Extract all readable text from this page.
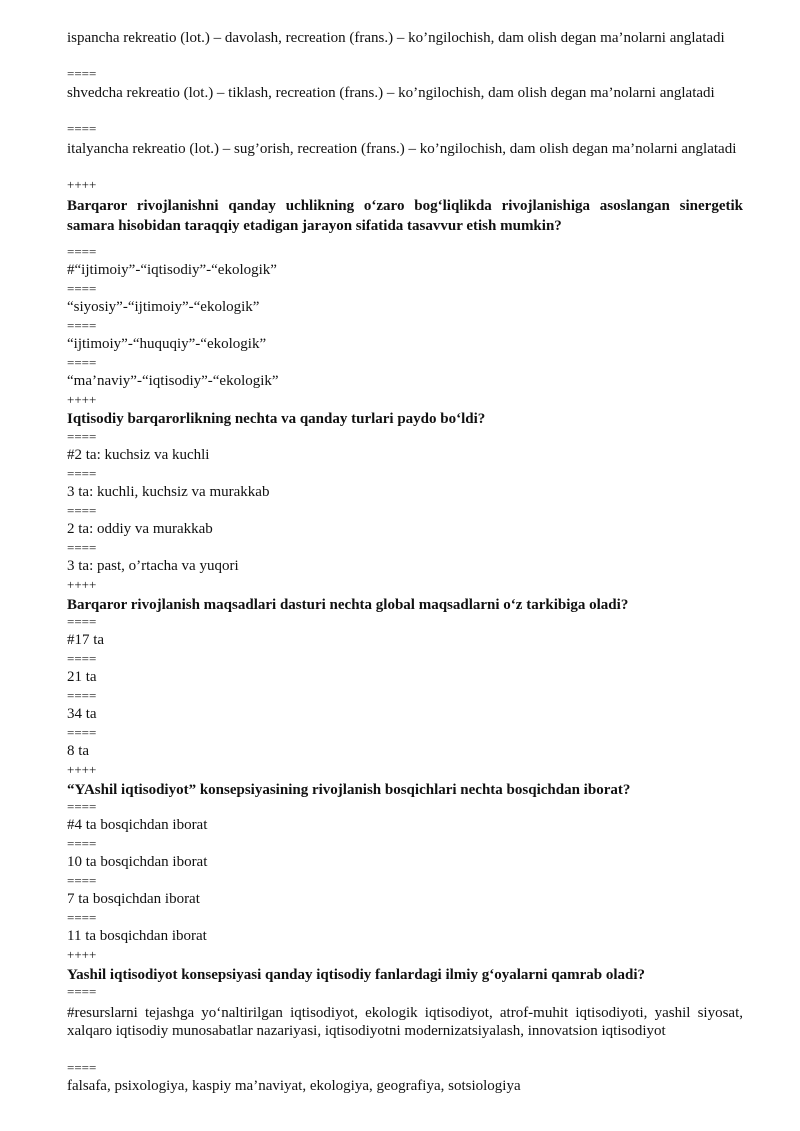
ispancha rekreatio (lot.) – davolash, recreation (frans.) – ko’ngilochish, dam olish degan ma’nolarni anglatadi
====
shvedcha rekreatio (lot.) – tiklash, recreation (frans.) – ko’ngilochish, dam olish degan ma’nolarni anglatadi
====
italyancha rekreatio (lot.) – sug’orish, recreation (frans.) – ko’ngilochish, dam olish degan ma’nolarni anglatadi
++++
Barqaror rivojlanishni qanday uchlikning o‘zaro bog‘liqlikda rivojlanishiga asoslangan sinergetik samara hisobidan taraqqiy etadigan jarayon sifatida tasavvur etish mumkin?
====
#“ijtimoiy”-“iqtisodiy”-“ekologik”
====
“siyosiy”-“ijtimoiy”-“ekologik”
====
“ijtimoiy”-“huquqiy”-“ekologik”
====
“ma’naviy”-“iqtisodiy”-“ekologik”
++++
Iqtisodiy barqarorlikning nechta va qanday turlari paydo bo‘ldi?
====
#2 ta: kuchsiz va kuchli
====
3 ta: kuchli, kuchsiz va murakkab
====
2 ta: oddiy va murakkab
====
3 ta: past, o’rtacha va yuqori
++++
Barqaror rivojlanish maqsadlari dasturi nechta global maqsadlarni o‘z tarkibiga oladi?
====
#17 ta
====
21 ta
====
34 ta
====
8 ta
++++
“YAshil iqtisodiyot” konsepsiyasining rivojlanish bosqichlari nechta bosqichdan iborat?
====
#4 ta bosqichdan iborat
====
10 ta bosqichdan iborat
====
7 ta bosqichdan iborat
====
11 ta bosqichdan iborat
++++
Yashil iqtisodiyot konsepsiyasi qanday iqtisodiy fanlardagi ilmiy g‘oyalarni qamrab oladi?
====
#resurslarni tejashga yo‘naltirilgan iqtisodiyot, ekologik iqtisodiyot, atrof-muhit iqtisodiyoti, yashil siyosat, xalqaro iqtisodiy munosabatlar nazariyasi, iqtisodiyotni modernizatsiyalash, innovatsion iqtisodiyot
====
falsafa, psixologiya, kaspiy ma’naviyat, ekologiya, geografiya, sotsiologiya
